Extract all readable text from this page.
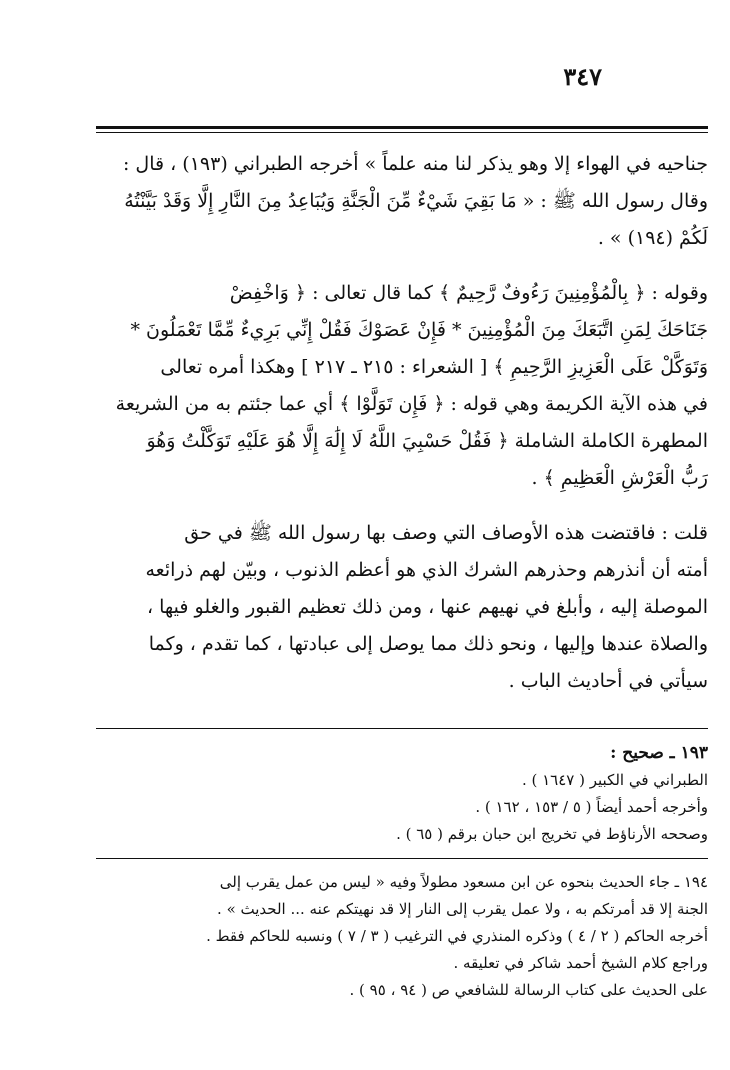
٣٤٧

جناحيه في الهواء إلا وهو يذكر لنا منه علماً » أخرجه الطبراني (١٩٣) ، قال :

وقال رسول الله ﷺ : « مَا بَقِيَ شَيْءٌ مِّنَ الْجَنَّةِ وَيُبَاعِدُ مِنَ النَّارِ إِلَّا وَقَدْ بَيَّنْتُهُ

لَكُمْ (١٩٤) » .

وقوله : ﴿ بِالْمُؤْمِنِينَ رَءُوفٌ رَّحِيمٌ ﴾ كما قال تعالى : ﴿ وَاخْفِضْ

جَنَاحَكَ لِمَنِ اتَّبَعَكَ مِنَ الْمُؤْمِنِينَ * فَإِنْ عَصَوْكَ فَقُلْ إِنِّي بَرِيءٌ مِّمَّا تَعْمَلُونَ *

وَتَوَكَّلْ عَلَى الْعَزِيزِ الرَّحِيمِ ﴾ [ الشعراء : ٢١٥ ـ ٢١٧ ] وهكذا أمره تعالى

في هذه الآية الكريمة وهي قوله : ﴿ فَإِن تَوَلَّوْا ﴾ أي عما جئتم به من الشريعة

المطهرة الكاملة الشاملة ﴿ فَقُلْ حَسْبِيَ اللَّهُ لَا إِلَٰهَ إِلَّا هُوَ عَلَيْهِ تَوَكَّلْتُ وَهُوَ

رَبُّ الْعَرْشِ الْعَظِيمِ ﴾ .

قلت : فاقتضت هذه الأوصاف التي وصف بها رسول الله ﷺ في حق

أمته أن أنذرهم وحذرهم الشرك الذي هو أعظم الذنوب ، وبيّن لهم ذرائعه

الموصلة إليه ، وأبلغ في نهيهم عنها ، ومن ذلك تعظيم القبور والغلو فيها ،

والصلاة عندها وإليها ، ونحو ذلك مما يوصل إلى عبادتها ، كما تقدم ، وكما

سيأتي في أحاديث الباب .

١٩٣ ـ صحيح :
الطبراني في الكبير ( ١٦٤٧ ) .
وأخرجه أحمد أيضاً ( ٥ / ١٥٣ ، ١٦٢ ) .
وصححه الأرناؤط في تخريج ابن حبان برقم ( ٦٥ ) .
١٩٤ ـ جاء الحديث بنحوه عن ابن مسعود مطولاً وفيه « ليس من عمل يقرب إلى
الجنة إلا قد أمرتكم به ، ولا عمل يقرب إلى النار إلا قد نهيتكم عنه ... الحديث » .
أخرجه الحاكم ( ٢ / ٤ ) وذكره المنذري في الترغيب ( ٣ / ٧ ) ونسبه للحاكم فقط .
وراجع كلام الشيخ أحمد شاكر في تعليقه .
على الحديث على كتاب الرسالة للشافعي ص ( ٩٤ ، ٩٥ ) .
